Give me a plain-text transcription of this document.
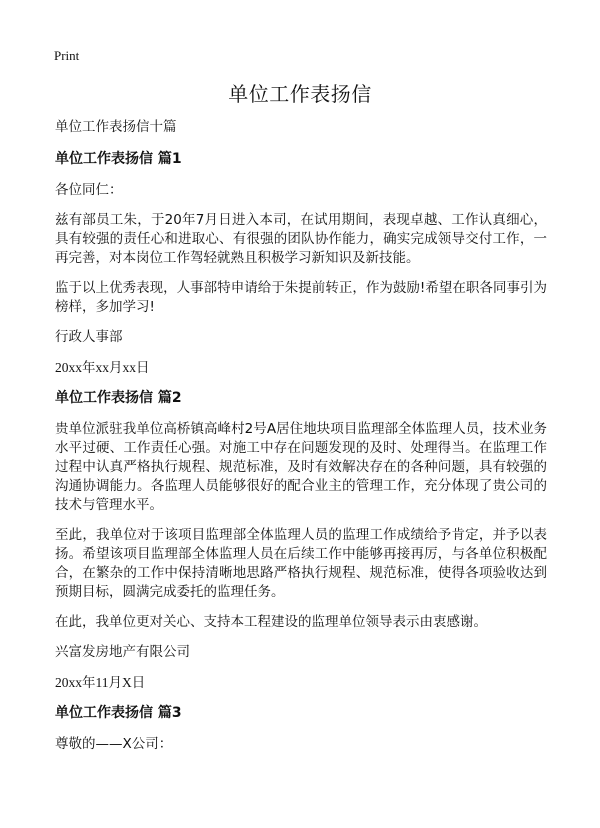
Print
单位工作表扬信

单位工作表扬信十篇

单位工作表扬信 篇1

各位同仁：

兹有部员工朱，于20年7月日进入本司，在试用期间，表现卓越、工作认真细心，具有较强的责任心和进取心、有很强的团队协作能力，确实完成领导交付工作，一再完善，对本岗位工作驾轻就熟且积极学习新知识及新技能。

监于以上优秀表现，人事部特申请给于朱提前转正，作为鼓励!希望在职各同事引为榜样，多加学习!

行政人事部

20xx年xx月xx日

单位工作表扬信 篇2

贵单位派驻我单位高桥镇高峰村2号A居住地块项目监理部全体监理人员，技术业务水平过硬、工作责任心强。对施工中存在问题发现的及时、处理得当。在监理工作过程中认真严格执行规程、规范标准，及时有效解决存在的各种问题，具有较强的沟通协调能力。各监理人员能够很好的配合业主的管理工作，充分体现了贵公司的技术与管理水平。

至此，我单位对于该项目监理部全体监理人员的监理工作成绩给予肯定，并予以表扬。希望该项目监理部全体监理人员在后续工作中能够再接再厉，与各单位积极配合，在繁杂的工作中保持清晰地思路严格执行规程、规范标准，使得各项验收达到预期目标，圆满完成委托的监理任务。

在此，我单位更对关心、支持本工程建设的监理单位领导表示由衷感谢。

兴富发房地产有限公司

20xx年11月X日

单位工作表扬信 篇3

尊敬的——X公司：
